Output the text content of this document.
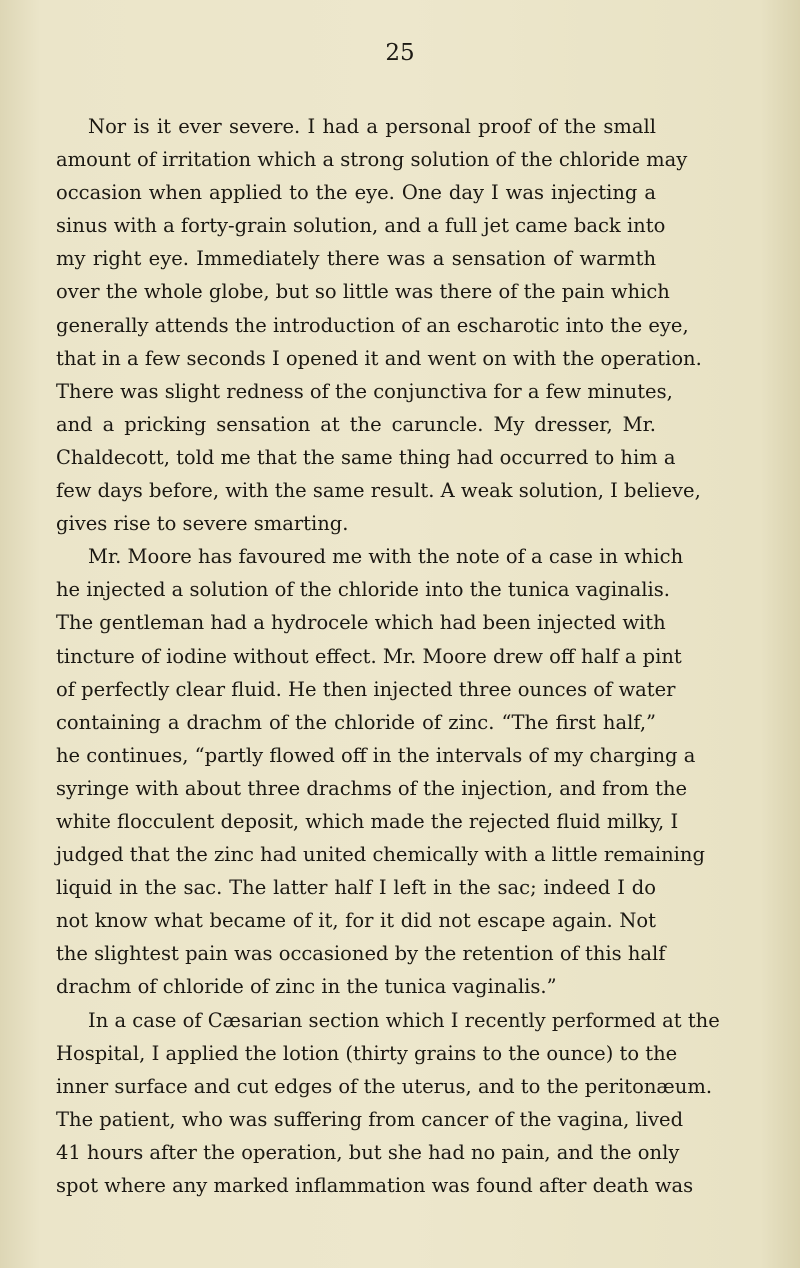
25
Nor is it ever severe. I had a personal proof of the small
amount of irritation which a strong solution of the chloride may
occasion when applied to the eye. One day I was injecting a
sinus with a forty-grain solution, and a full jet came back into
my right eye. Immediately there was a sensation of warmth
over the whole globe, but so little was there of the pain which
generally attends the introduction of an escharotic into the eye,
that in a few seconds I opened it and went on with the operation.
There was slight redness of the conjunctiva for a few minutes,
and a pricking sensation at the caruncle. My dresser, Mr.
Chaldecott, told me that the same thing had occurred to him a
few days before, with the same result. A weak solution, I believe,
gives rise to severe smarting.
Mr. Moore has favoured me with the note of a case in which
he injected a solution of the chloride into the tunica vaginalis.
The gentleman had a hydrocele which had been injected with
tincture of iodine without effect. Mr. Moore drew off half a pint
of perfectly clear fluid. He then injected three ounces of water
containing a drachm of the chloride of zinc. “The first half,”
he continues, “partly flowed off in the intervals of my charging a
syringe with about three drachms of the injection, and from the
white flocculent deposit, which made the rejected fluid milky, I
judged that the zinc had united chemically with a little remaining
liquid in the sac. The latter half I left in the sac; indeed I do
not know what became of it, for it did not escape again. Not
the slightest pain was occasioned by the retention of this half
drachm of chloride of zinc in the tunica vaginalis.”
In a case of Cæsarian section which I recently performed at the
Hospital, I applied the lotion (thirty grains to the ounce) to the
inner surface and cut edges of the uterus, and to the peritonæum.
The patient, who was suffering from cancer of the vagina, lived
41 hours after the operation, but she had no pain, and the only
spot where any marked inflammation was found after death was
